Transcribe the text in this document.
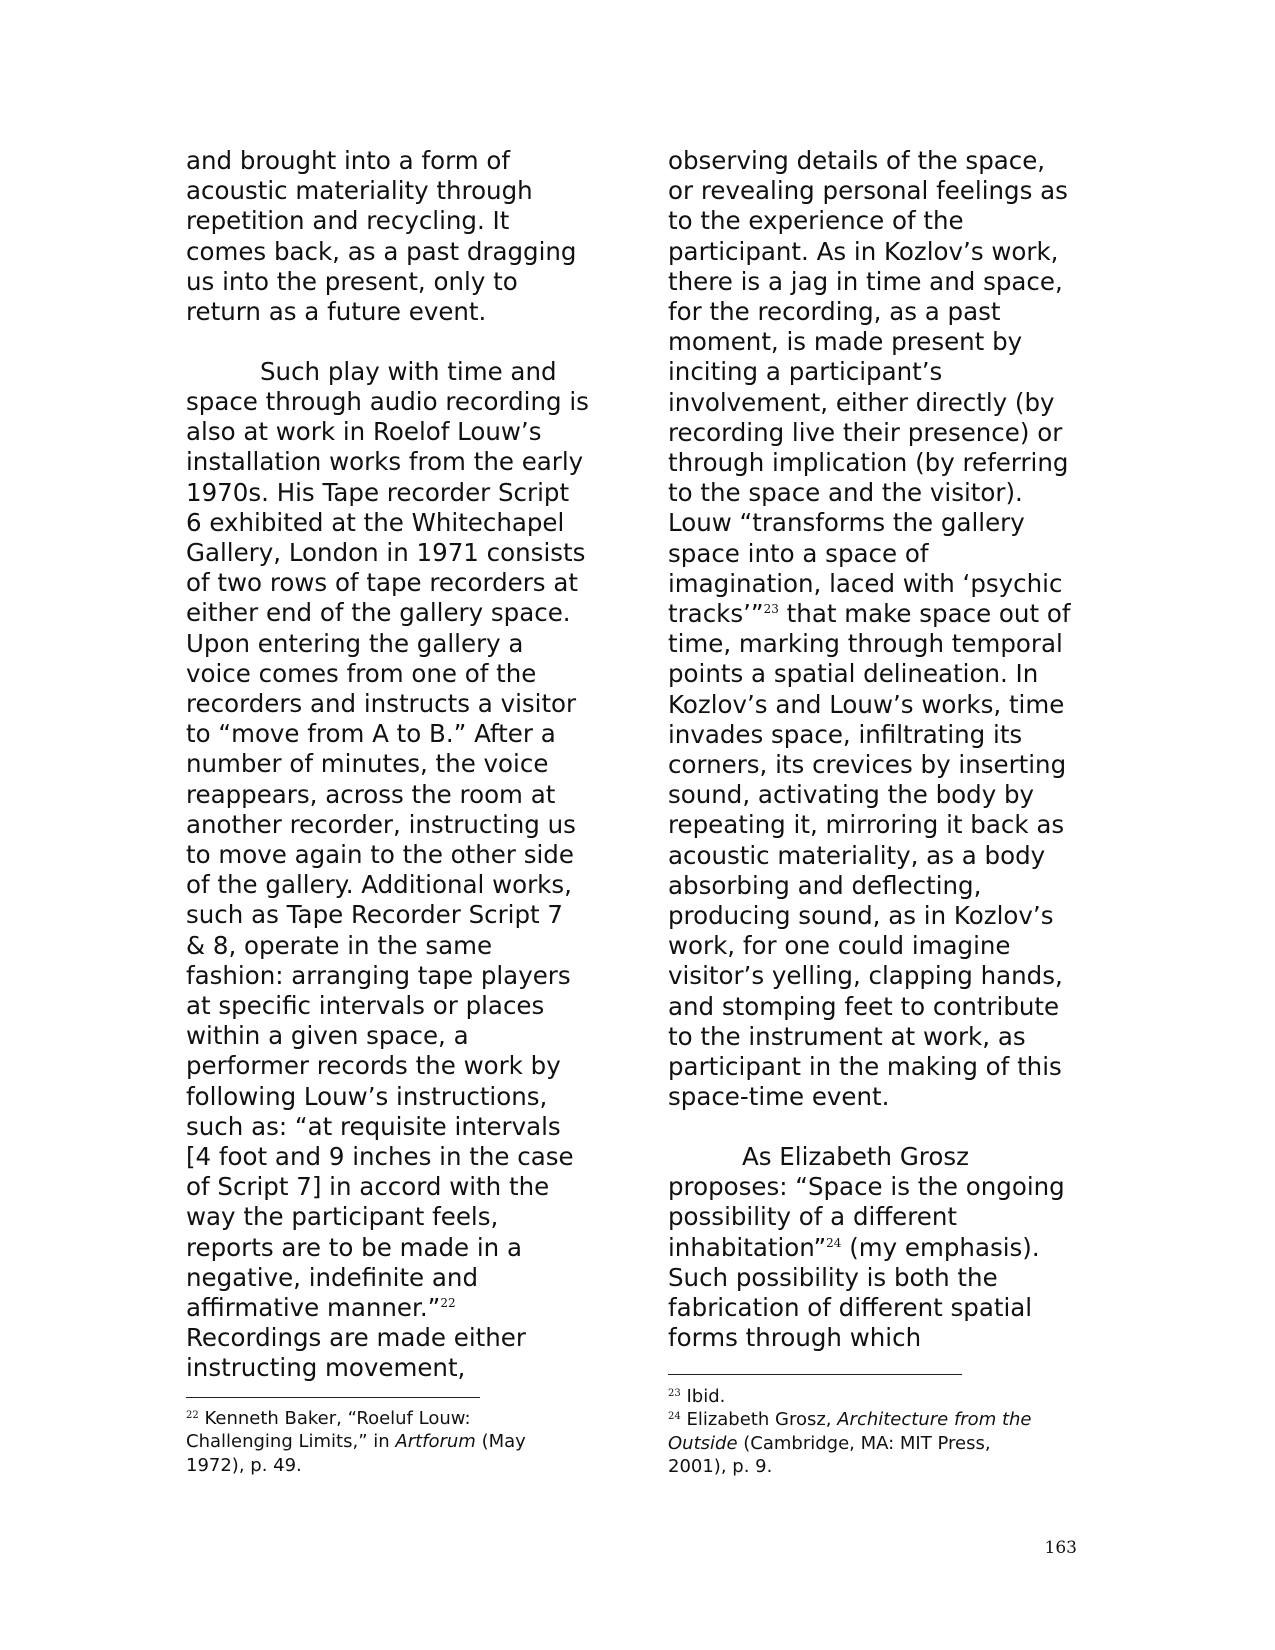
and brought into a form of
acoustic materiality through
repetition and recycling. It
comes back, as a past dragging
us into the present, only to
return as a future event.
Such play with time and
space through audio recording is
also at work in Roelof Louw’s
installation works from the early
1970s. His Tape recorder Script
6 exhibited at the Whitechapel
Gallery, London in 1971 consists
of two rows of tape recorders at
either end of the gallery space.
Upon entering the gallery a
voice comes from one of the
recorders and instructs a visitor
to “move from A to B.” After a
number of minutes, the voice
reappears, across the room at
another recorder, instructing us
to move again to the other side
of the gallery. Additional works,
such as Tape Recorder Script 7
& 8, operate in the same
fashion: arranging tape players
at specific intervals or places
within a given space, a
performer records the work by
following Louw’s instructions,
such as: “at requisite intervals
[4 foot and 9 inches in the case
of Script 7] in accord with the
way the participant feels,
reports are to be made in a
negative, indefinite and
affirmative manner.”$^{22}$
Recordings are made either
instructing movement,
observing details of the space,
or revealing personal feelings as
to the experience of the
participant. As in Kozlov’s work,
there is a jag in time and space,
for the recording, as a past
moment, is made present by
inciting a participant’s
involvement, either directly (by
recording live their presence) or
through implication (by referring
to the space and the visitor).
Louw “transforms the gallery
space into a space of
imagination, laced with ‘psychic
tracks’”$^{23}$ that make space out of
time, marking through temporal
points a spatial delineation. In
Kozlov’s and Louw’s works, time
invades space, infiltrating its
corners, its crevices by inserting
sound, activating the body by
repeating it, mirroring it back as
acoustic materiality, as a body
absorbing and deflecting,
producing sound, as in Kozlov’s
work, for one could imagine
visitor’s yelling, clapping hands,
and stomping feet to contribute
to the instrument at work, as
participant in the making of this
space-time event.
As Elizabeth Grosz
proposes: “Space is the ongoing
possibility of a different
inhabitation”$^{24}$ (my emphasis).
Such possibility is both the
fabrication of different spatial
forms through which
$^{22}$ Kenneth Baker, “Roeluf Louw:
Challenging Limits,” in Artforum (May
1972), p. 49.
$^{23}$ Ibid.
$^{24}$ Elizabeth Grosz, Architecture from the
Outside (Cambridge, MA: MIT Press,
2001), p. 9.
163
